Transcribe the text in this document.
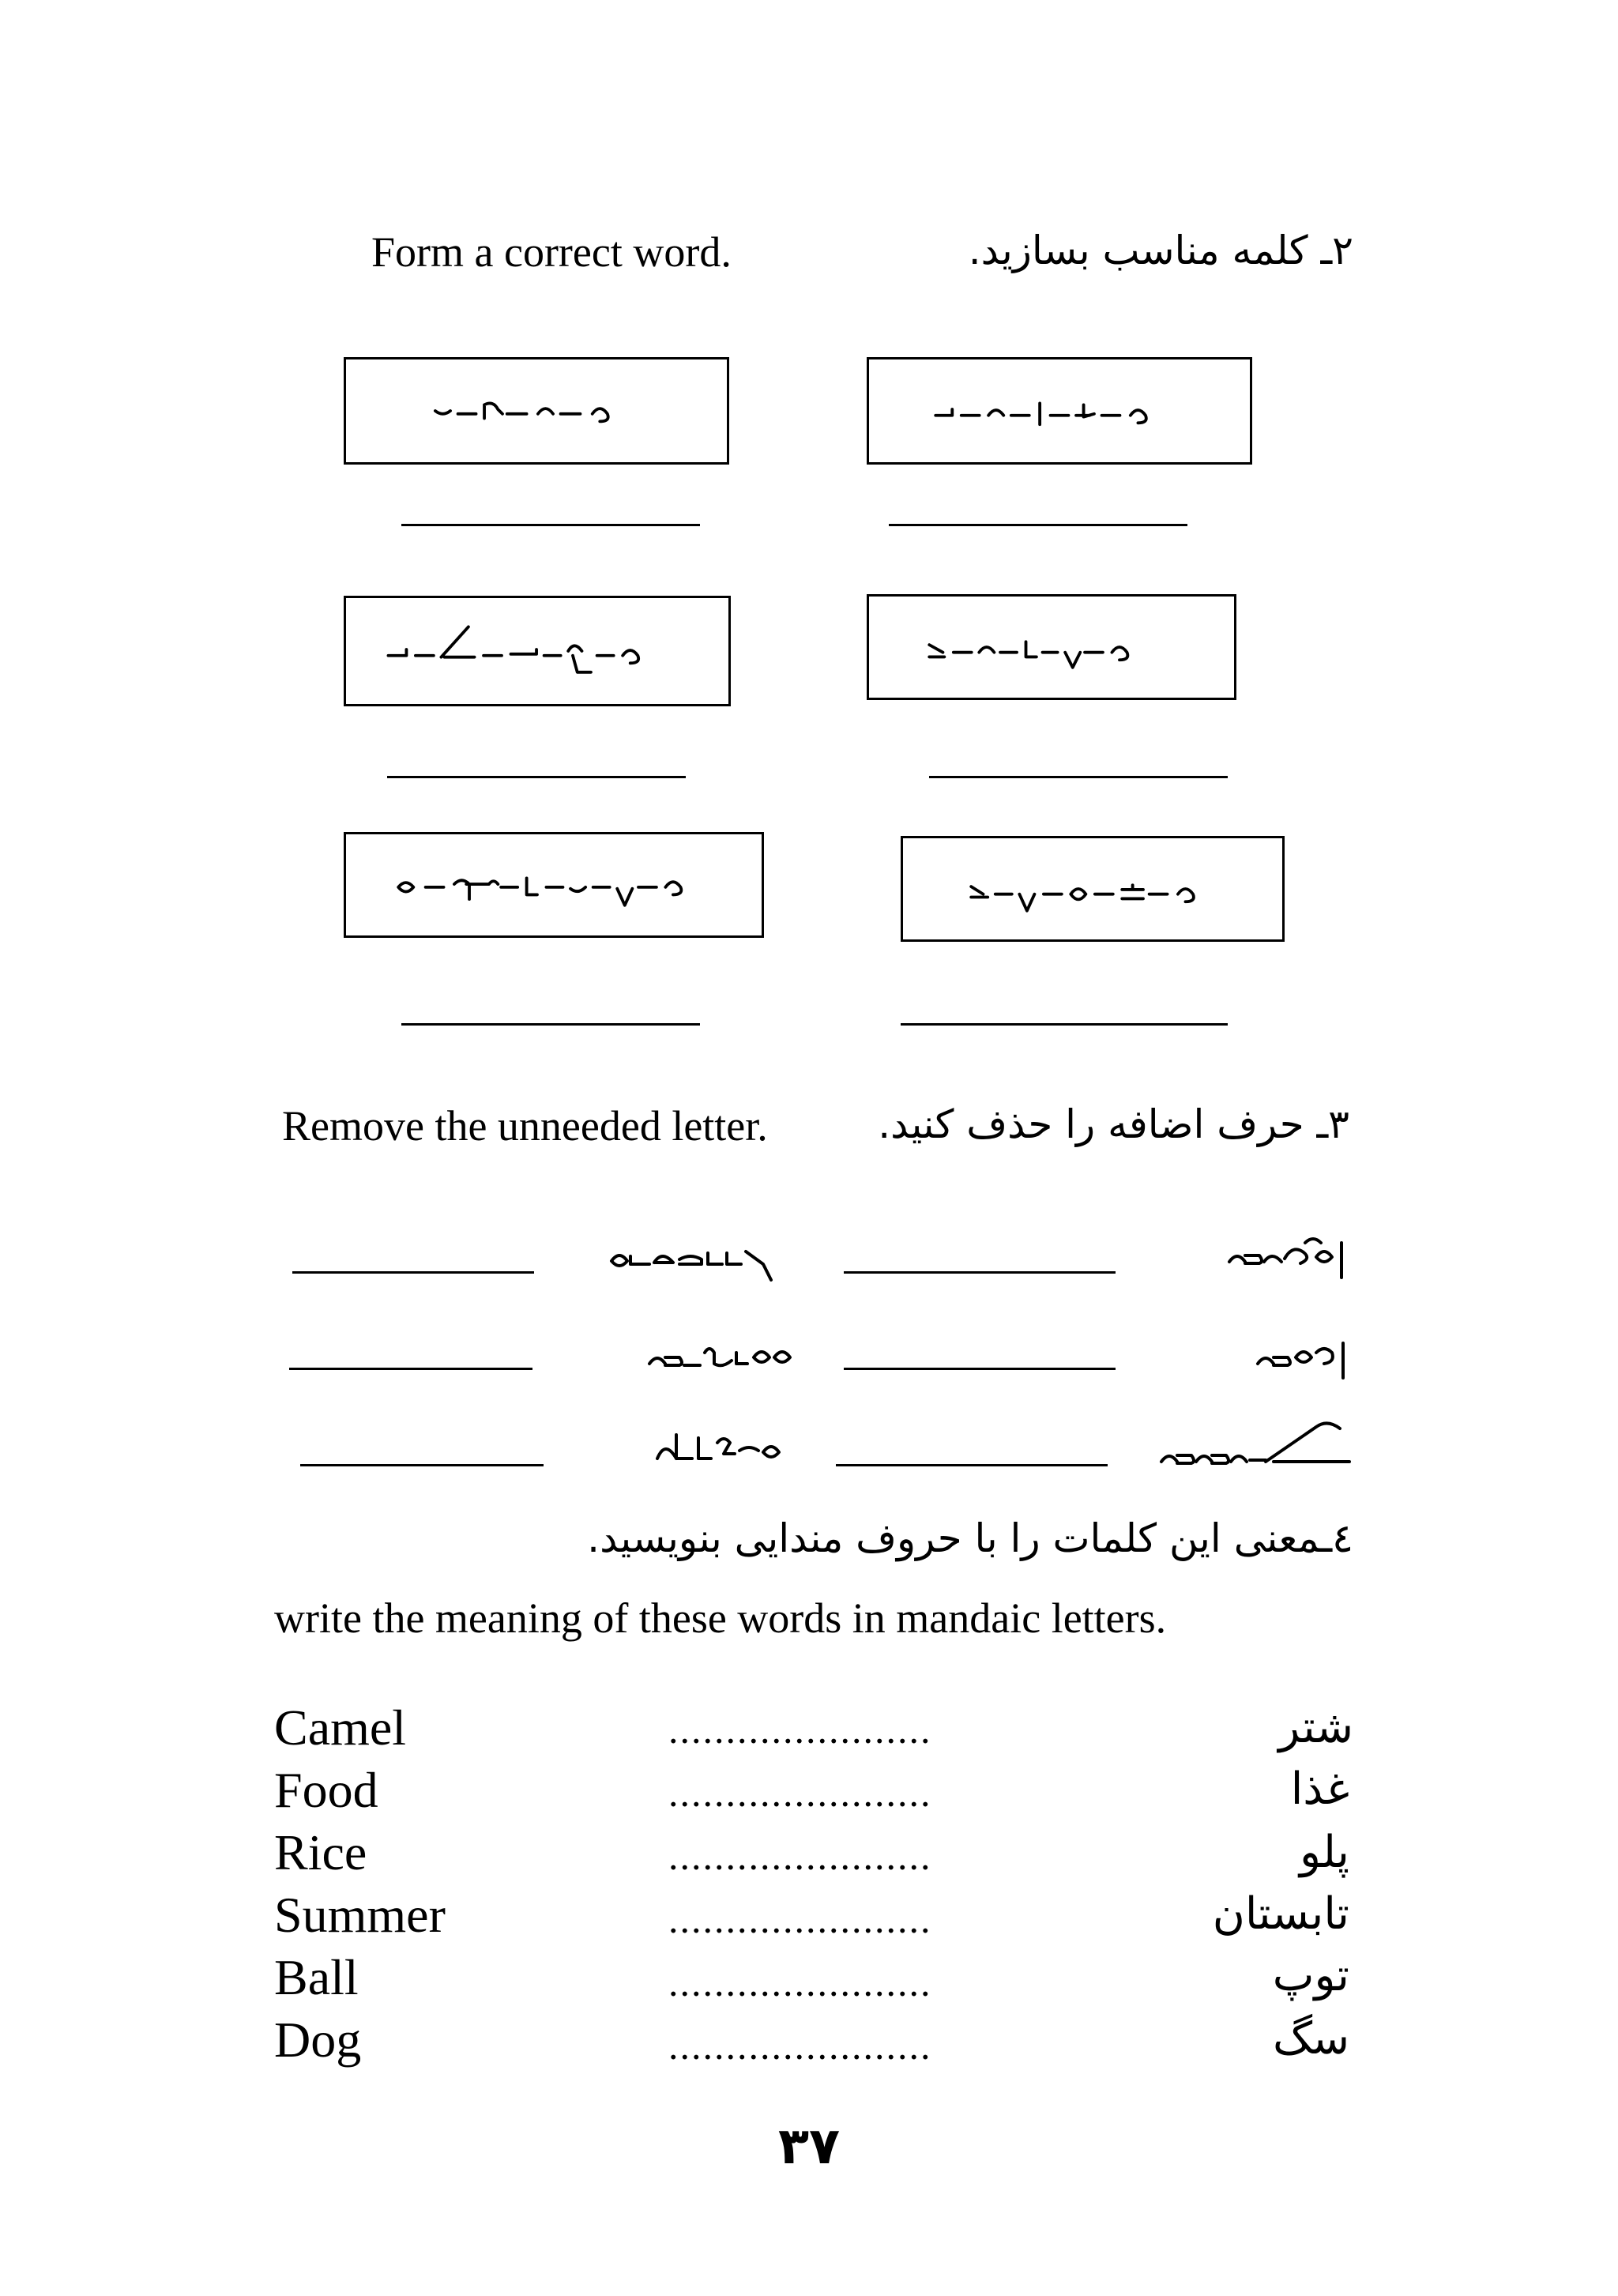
Form a correct word.	۲ـ کلمه مناسب بسازید.
Remove the unneeded letter.	۳ـ حرف اضافه را حذف کنید.
٤ـمعنی این کلمات را با حروف مندایی بنویسید.
write the meaning of these words in mandaic letters.
Camel	.......................	شتر
Food	.......................	غذا
Rice	.......................	پلو
Summer	.......................	تابستان
Ball	.......................	توپ
Dog	.......................	سگ
۳۷
